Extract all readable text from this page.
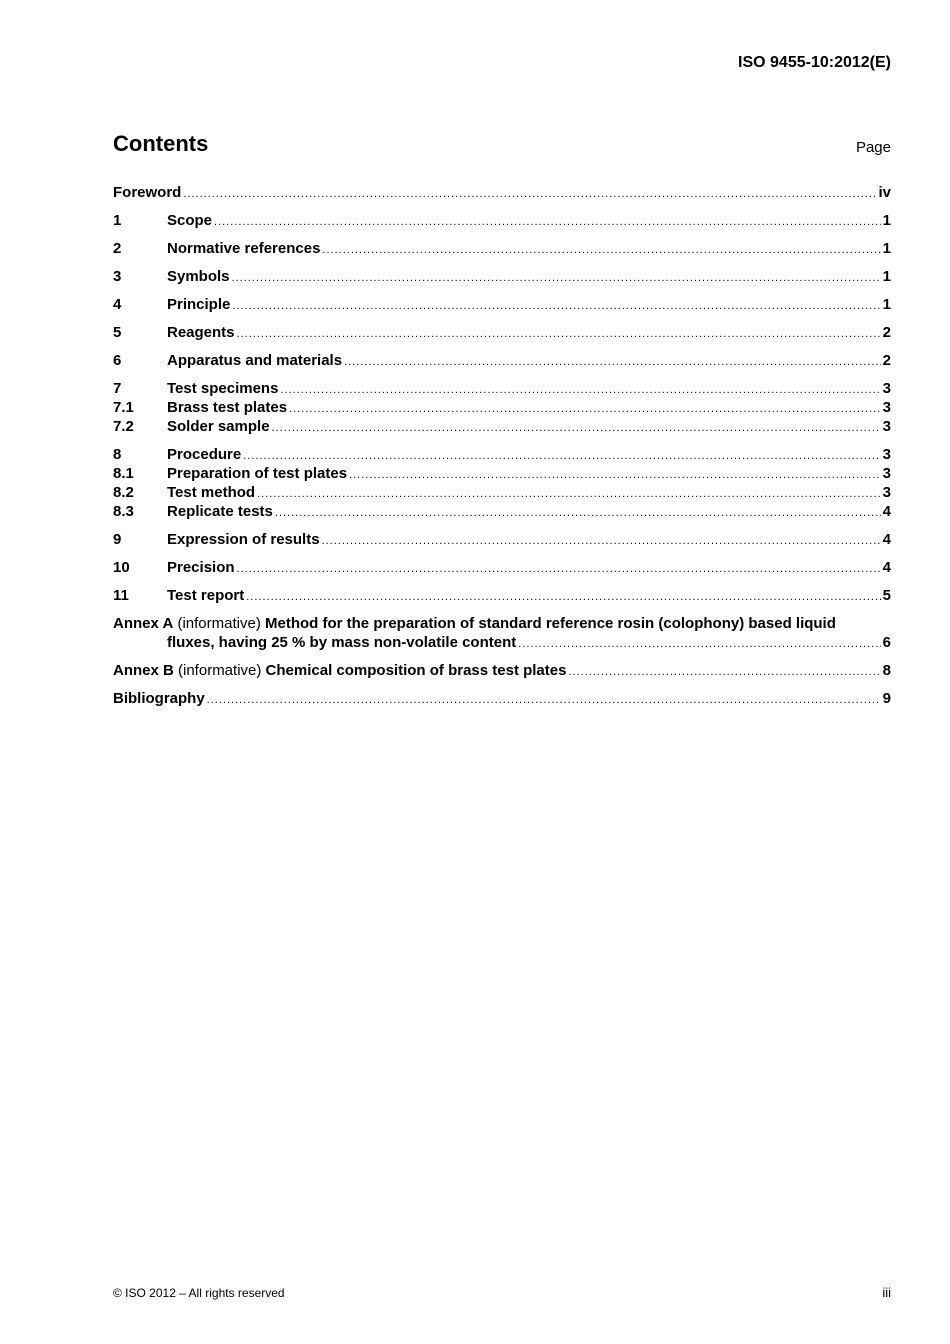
ISO 9455-10:2012(E)
Contents	Page
Foreword .....	iv
1	Scope .....	1
2	Normative references .....	1
3	Symbols .....	1
4	Principle .....	1
5	Reagents .....	2
6	Apparatus and materials .....	2
7	Test specimens .....	3
7.1	Brass test plates .....	3
7.2	Solder sample .....	3
8	Procedure .....	3
8.1	Preparation of test plates .....	3
8.2	Test method .....	3
8.3	Replicate tests .....	4
9	Expression of results .....	4
10	Precision .....	4
11	Test report .....	5
Annex A (informative) Method for the preparation of standard reference rosin (colophony) based liquid
fluxes, having 25 % by mass non-volatile content .....	6
Annex B (informative) Chemical composition of brass test plates .....	8
Bibliography .....	9
© ISO 2012 – All rights reserved	iii
